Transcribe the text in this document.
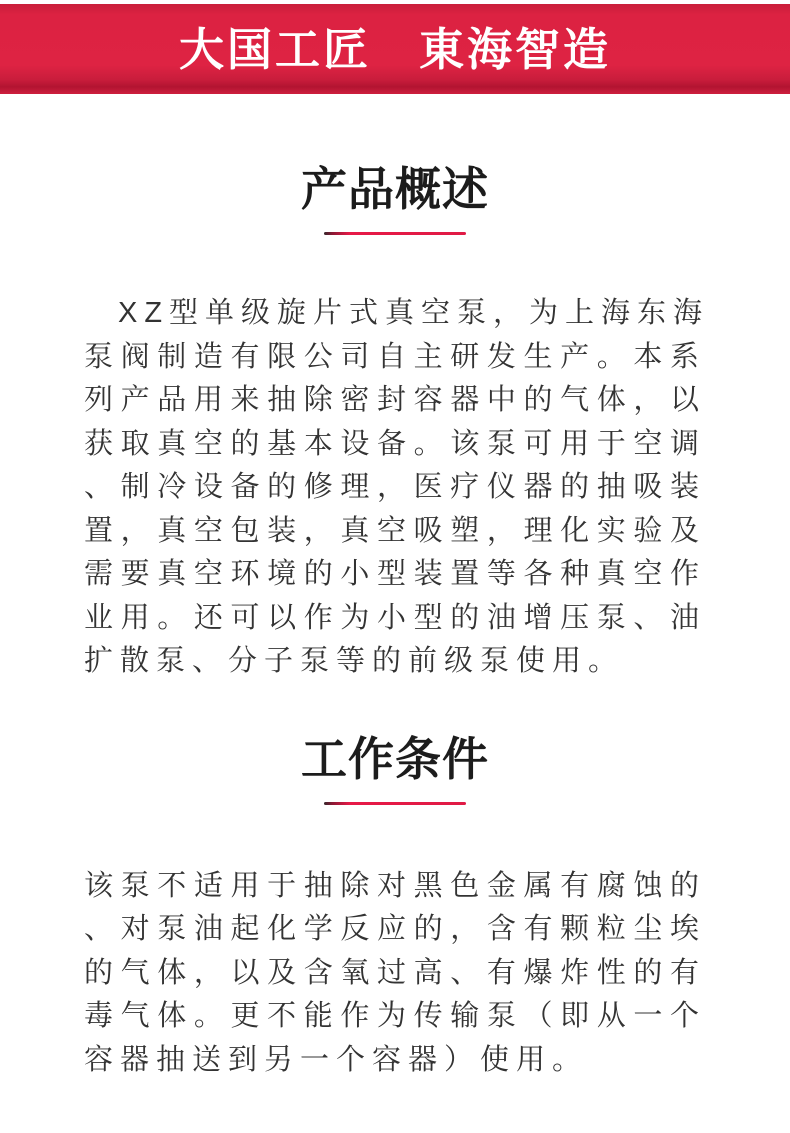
大国工匠　東海智造
产品概述
XZ型单级旋片式真空泵，为上海东海
泵阀制造有限公司自主研发生产。本系
列产品用来抽除密封容器中的气体，以
获取真空的基本设备。该泵可用于空调
、制冷设备的修理，医疗仪器的抽吸装
置，真空包装，真空吸塑，理化实验及
需要真空环境的小型装置等各种真空作
业用。还可以作为小型的油增压泵、油
扩散泵、分子泵等的前级泵使用。
工作条件
该泵不适用于抽除对黑色金属有腐蚀的
、对泵油起化学反应的，含有颗粒尘埃
的气体，以及含氧过高、有爆炸性的有
毒气体。更不能作为传输泵（即从一个
容器抽送到另一个容器）使用。
